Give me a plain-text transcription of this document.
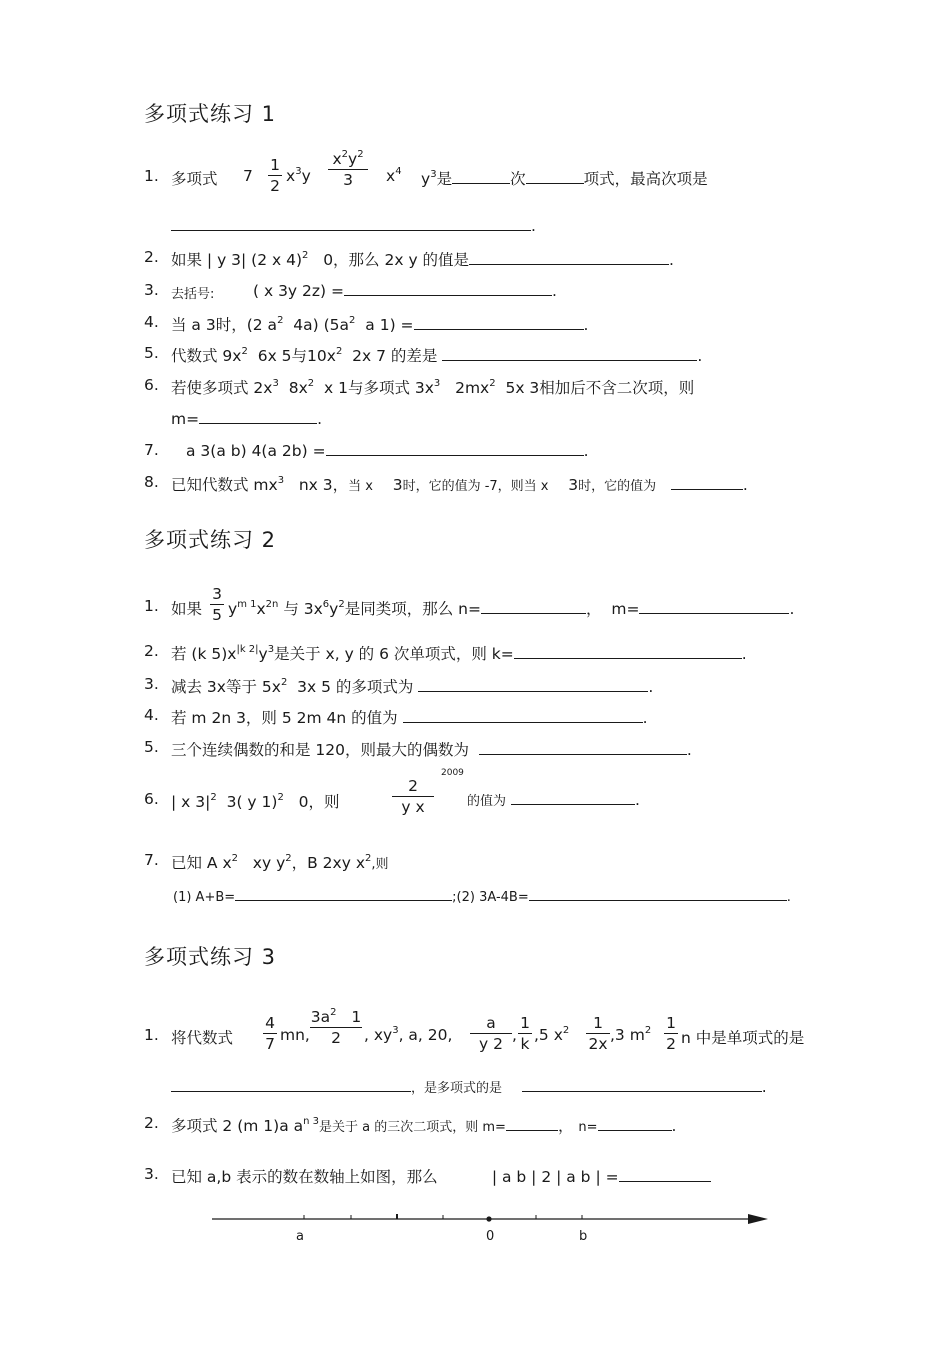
多项式练习 1
1. 多项式 7
1
2
$x^3y$
$x^2y^2$
3	$x^4$ $y^3$是	次	项式，最高次项是
.
2. 如果 | y 3| (2 x 4)$^2$ 0，那么 2x y 的值是	.
3. 去括号: ( x 3y 2z) =	.
4. 当 a 3时，(2 $a^2$ 4a) ($5a^2$ a 1) =	.
5. 代数式 $9x^2$ 6x 5与$10x^2$ 2x 7 的差是	.
6. 若使多项式 $2x^3$ $8x^2$ x 1与多项式 $3x^3$ $2mx^2$ 5x 3相加后不含二次项，则
m=	.
7. a 3(a b) 4(a 2b) =	.
8. 已知代数式 $mx^3$ nx 3，当 x 3时，它的值为 -7，则当 x 3时，它的值为	.
多项式练习 2
1. 如果
3
5 $y^{m 1}x^{2n}$ 与 $3x^6y^2$是同类项，那么 n=	， m=	.
2. 若 (k $5)x^{|k 2|}y^3$是关于 x, y 的 6 次单项式，则 k=	.
3. 减去 3x等于 $5x^2$ 3x 5 的多项式为	.
4. 若 m 2n 3，则 5 2m 4n 的值为	.
5. 三个连续偶数的和是 120，则最大的偶数为	.
6. | x $3|^2$ 3( y 1)$^2$ 0，则
2
y x
2009
的值为	.
7. 已知 A $x^2$ xy $y^2$，B 2xy $x^2$,则
(1) A+B=	;(2) 3A-4B=	.
多项式练习 3
1. 将代数式
4
7 mn,
$3a^2$ 1
2	, $xy^3$, a, 20,
a
y 2 ,
1
k ,5 $x^2$	1
2x ,3 $m^2$ 1
2 n 中是单项式的是
，是多项式的是	.
2. 多项式 2 (m 1)a $a^{n 3}$是关于 a 的三次二项式，则 m=	， n=	.
3. 已知 a,b 表示的数在数轴上如图，那么	| a b | 2 | a b | =
a	0	b
